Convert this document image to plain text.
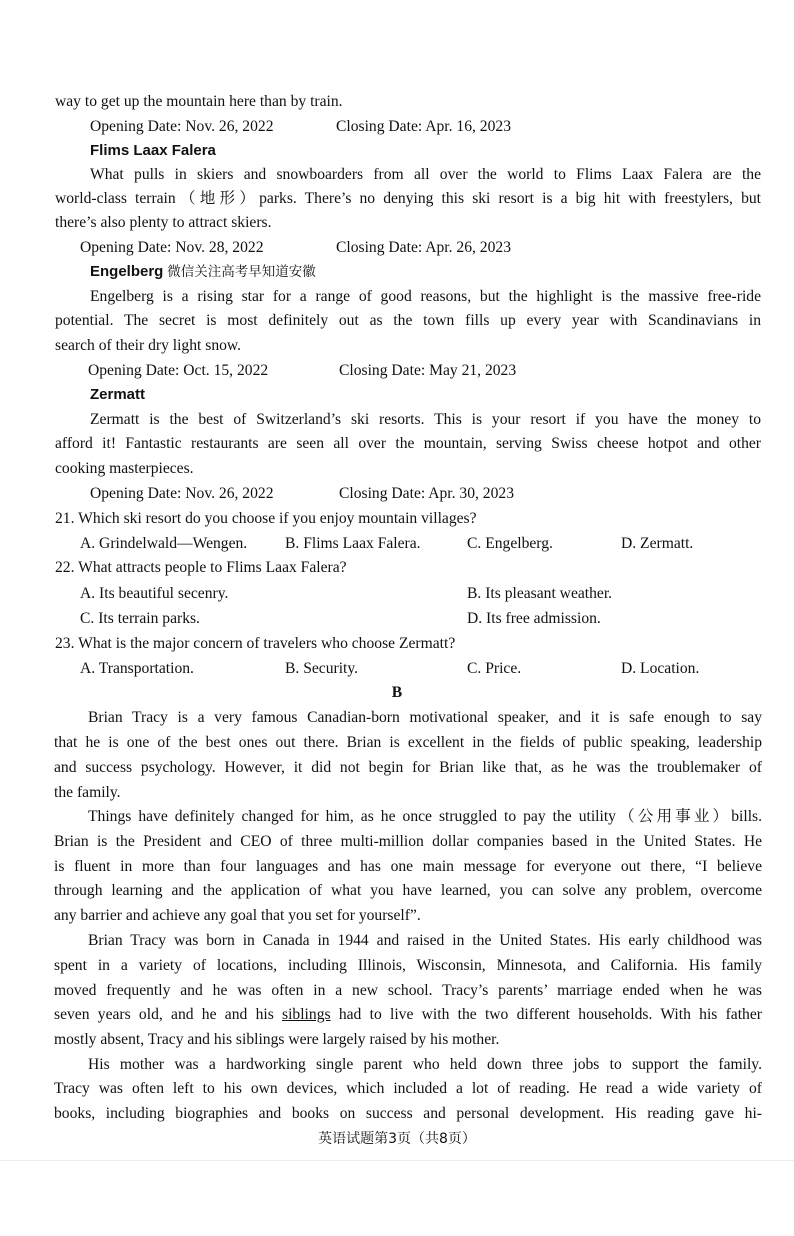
way to get up the mountain here than by train.
Opening Date: Nov. 26, 2022	Closing Date: Apr. 16, 2023
Flims Laax Falera
What pulls in skiers and snowboarders from all over the world to Flims Laax Falera are the
world-class terrain（地形）parks. There’s no denying this ski resort is a big hit with freestylers, but
there’s also plenty to attract skiers.
Opening Date: Nov. 28, 2022	Closing Date: Apr. 26, 2023
Engelberg 微信关注高考早知道安徽
Engelberg is a rising star for a range of good reasons, but the highlight is the massive free-ride
potential. The secret is most definitely out as the town fills up every year with Scandinavians in
search of their dry light snow.
Opening Date: Oct. 15, 2022	Closing Date: May 21, 2023
Zermatt
Zermatt is the best of Switzerland’s ski resorts. This is your resort if you have the money to
afford it! Fantastic restaurants are seen all over the mountain, serving Swiss cheese hotpot and other
cooking masterpieces.
Opening Date: Nov. 26, 2022	Closing Date: Apr. 30, 2023
21. Which ski resort do you choose if you enjoy mountain villages?
A. Grindelwald—Wengen. B. Flims Laax Falera.	C. Engelberg.	D. Zermatt.
22. What attracts people to Flims Laax Falera?
A. Its beautiful secenry.	B. Its pleasant weather.
C. Its terrain parks.	D. Its free admission.
23. What is the major concern of travelers who choose Zermatt?
A. Transportation.	B. Security.	C. Price.	D. Location.
B
Brian Tracy is a very famous Canadian-born motivational speaker, and it is safe enough to say
that he is one of the best ones out there. Brian is excellent in the fields of public speaking, leadership
and success psychology. However, it did not begin for Brian like that, as he was the troublemaker of
the family.
Things have definitely changed for him, as he once struggled to pay the utility（公用事业）bills.
Brian is the President and CEO of three multi-million dollar companies based in the United States. He
is fluent in more than four languages and has one main message for everyone out there, “I believe
through learning and the application of what you have learned, you can solve any problem, overcome
any barrier and achieve any goal that you set for yourself”.
Brian Tracy was born in Canada in 1944 and raised in the United States. His early childhood was
spent in a variety of locations, including Illinois, Wisconsin, Minnesota, and California. His family
moved frequently and he was often in a new school. Tracy’s parents’ marriage ended when he was
seven years old, and he and his siblings had to live with the two different households. With his father
mostly absent, Tracy and his siblings were largely raised by his mother.
His mother was a hardworking single parent who held down three jobs to support the family.
Tracy was often left to his own devices, which included a lot of reading. He read a wide variety of
books, including biographies and books on success and personal development. His reading gave hi-
英语试题第3页（共8页）
